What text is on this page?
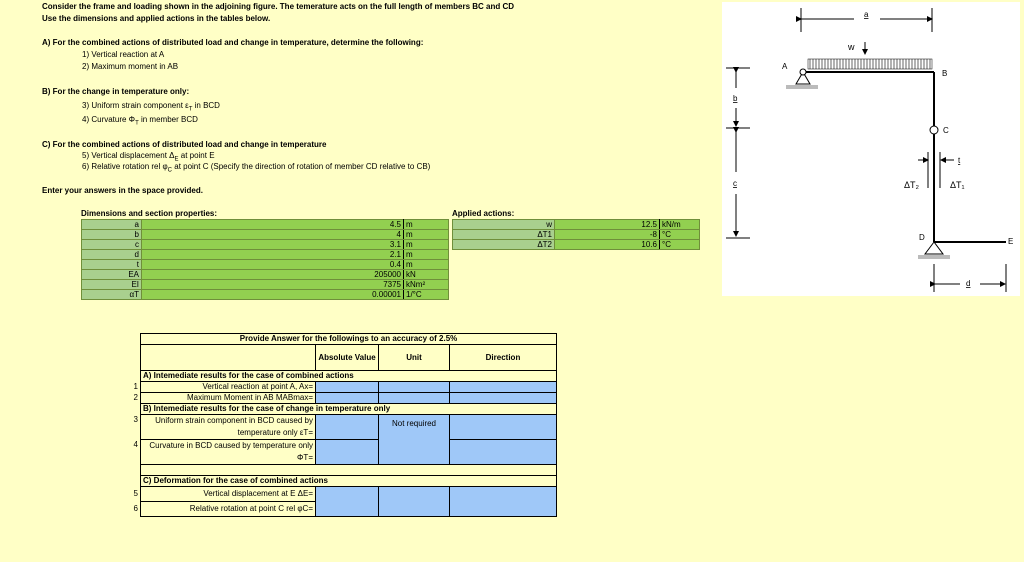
Consider the frame and loading shown in the adjoining figure. The temerature acts on the full length of members BC and CD
Use the dimensions and applied actions in the tables below.
A) For the combined actions of distributed load and change in temperature, determine the following:
1) Vertical reaction at A
2) Maximum moment in AB
B) For the change in temperature only:
3) Uniform strain component $\varepsilon_T$ in BCD
4) Curvature $\Phi_T$ in member BCD
C) For the combined actions of distributed load and change in temperature
5) Vertical displacement $\Delta_E$ at point E
6) Relative rotation rel $\varphi_C$ at point C (Specify the direction of rotation of member CD relative to CB)
Enter your answers in the space provided.
Dimensions and section properties:
a	4.5	m
b	4	m
c	3.1	m
d	2.1	m
t	0.4	m
EA	205000	kN
EI	7375	kNm²
αT	0.00001	1/°C
Applied actions:
w	12.5	kN/m
ΔT1	-8	°C
ΔT2	10.6	°C
	Provide Answer for the followings to an accuracy of 2.5%			
		Absolute Value	Unit	Direction
	A) Intemediate results for the case of combined actions			
1	Vertical reaction at point A, Ax=			
2	Maximum Moment in AB MABmax=			
	B) Intemediate results for the case of change in temperature only			
3	Uniform strain component in BCD caused by temperature only εT=		Not required	
4	Curvature in BCD caused by temperature only ΦT=			

	C) Deformation for the case of combined actions			
5	Vertical displacement at E ΔE=			
6	Relative rotation at point C rel φC=			
a
w
A
B
C
D	E
b
c
t
ΔT₂	ΔT₁
d
